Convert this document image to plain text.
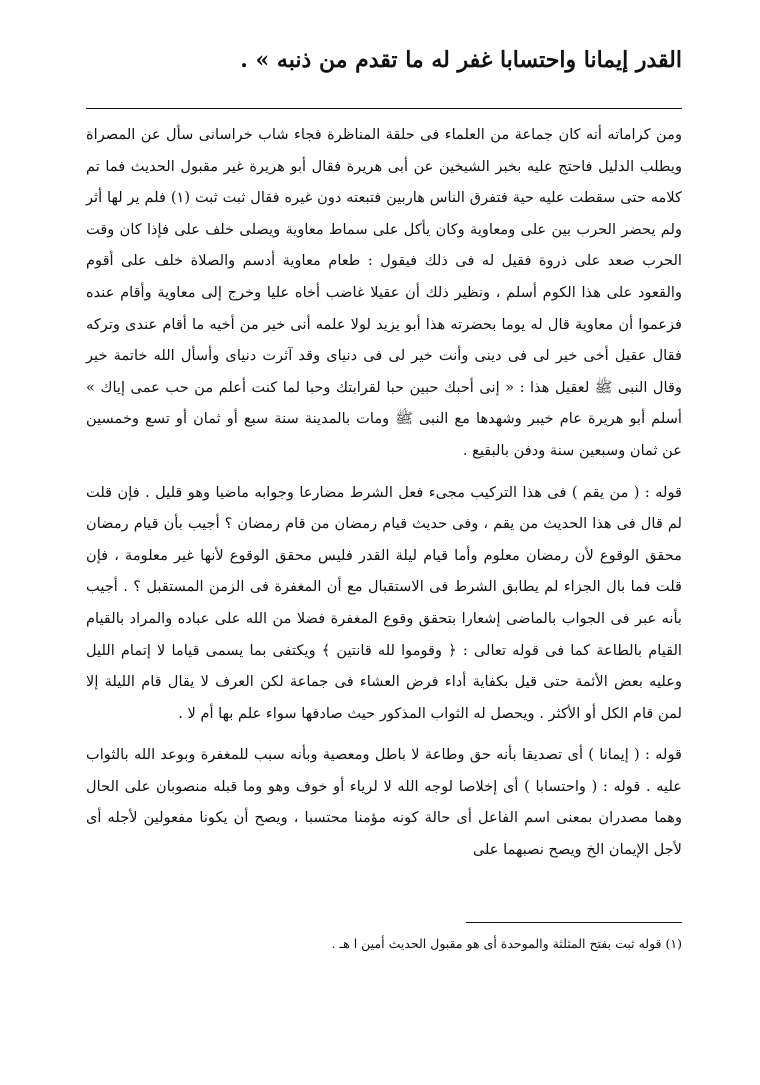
القدر إيمانا واحتسابا غفر له ما تقدم من ذنبه » .

ومن كراماته أنه كان جماعة من العلماء فى حلقة المناظرة فجاء شاب خراسانى سأل عن المصراة ويطلب الدليل فاحتج عليه بخبر الشيخين عن أبى هريرة فقال أبو هريرة غير مقبول الحديث فما تم كلامه حتى سقطت عليه حية فتفرق الناس هاربين فتبعته دون غيره فقال ثبت ثبت (١) فلم ير لها أثر ولم يحضر الحرب بين على ومعاوية وكان يأكل على سماط معاوية ويصلى خلف على فإذا كان وقت الحرب صعد على ذروة فقيل له فى ذلك فيقول : طعام معاوية أدسم والصلاة خلف على أقوم والقعود على هذا الكوم أسلم ، ونظير ذلك أن عقيلا غاضب أخاه عليا وخرج إلى معاوية وأقام عنده فزعموا أن معاوية قال له يوما بحضرته هذا أبو يزيد لولا علمه أنى خير من أخيه ما أقام عندى وتركه فقال عقيل أخى خير لى فى دينى وأنت خير لى فى دنياى وقد آثرت دنياى وأسأل الله خاتمة خير وقال النبى ﷺ لعقيل هذا : « إنى أحبك حبين حبا لقرابتك وحبا لما كنت أعلم من حب عمى إياك » أسلم أبو هريرة عام خيبر وشهدها مع النبى ﷺ ومات بالمدينة سنة سبع أو ثمان أو تسع وخمسين عن ثمان وسبعين سنة ودفن بالبقيع .

قوله : ( من يقم ) فى هذا التركيب مجىء فعل الشرط مضارعا وجوابه ماضيا وهو قليل . فإن قلت لم قال فى هذا الحديث من يقم ، وفى حديث قيام رمضان من قام رمضان ؟ أجيب بأن قيام رمضان محقق الوقوع لأن رمضان معلوم وأما قيام ليلة القدر فليس محقق الوقوع لأنها غير معلومة ، فإن قلت فما بال الجزاء لم يطابق الشرط فى الاستقبال مع أن المغفرة فى الزمن المستقبل ؟ . أجيب بأنه عبر فى الجواب بالماضى إشعارا بتحقق وقوع المغفرة فضلا من الله على عباده والمراد بالقيام القيام بالطاعة كما فى قوله تعالى : ﴿ وقوموا لله قانتين ﴾ ويكتفى بما يسمى قياما لا إتمام الليل وعليه بعض الأئمة حتى قيل بكفاية أداء فرض العشاء فى جماعة لكن العرف لا يقال قام الليلة إلا لمن قام الكل أو الأكثر . ويحصل له الثواب المذكور حيث صادفها سواء علم بها أم لا .

قوله : ( إيمانا ) أى تصديقا بأنه حق وطاعة لا باطل ومعصية وبأنه سبب للمغفرة وبوعد الله بالثواب عليه . قوله : ( واحتسابا ) أى إخلاصا لوجه الله لا لرياء أو خوف وهو وما قبله منصوبان على الحال وهما مصدران بمعنى اسم الفاعل أى حالة كونه مؤمنا محتسبا ، ويصح أن يكونا مفعولين لأجله أى لأجل الإيمان الخ ويصح نصبهما على

(١) قوله ثبت بفتح المثلثة والموحدة أى هو مقبول الحديث أمين ا هـ .
